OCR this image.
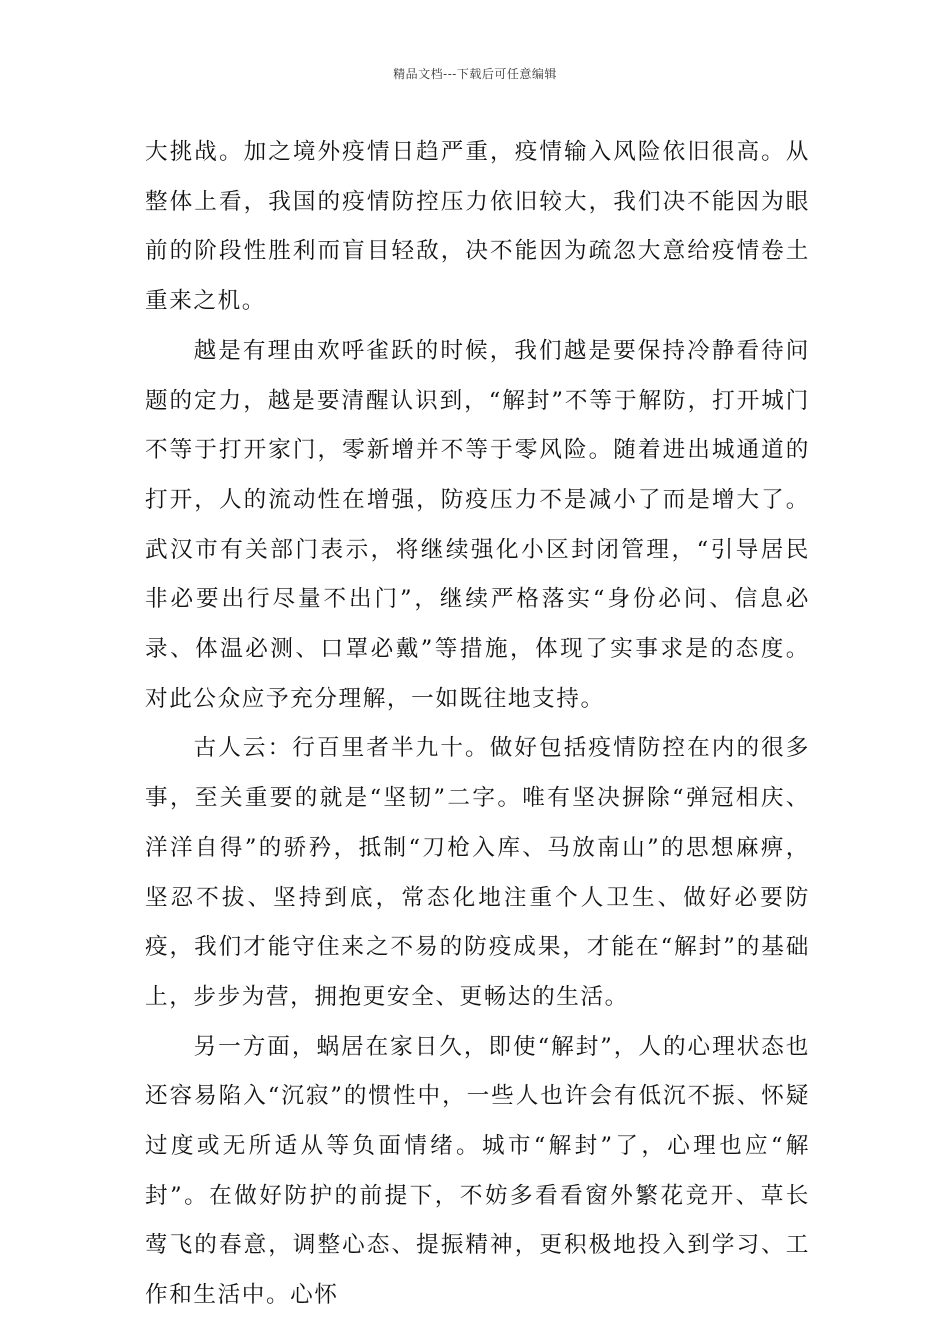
精品文档---下载后可任意编辑

大挑战。加之境外疫情日趋严重，疫情输入风险依旧很高。从整体上看，我国的疫情防控压力依旧较大，我们决不能因为眼前的阶段性胜利而盲目轻敌，决不能因为疏忽大意给疫情卷土重来之机。

越是有理由欢呼雀跃的时候，我们越是要保持冷静看待问题的定力，越是要清醒认识到，“解封”不等于解防，打开城门不等于打开家门，零新增并不等于零风险。随着进出城通道的打开，人的流动性在增强，防疫压力不是减小了而是增大了。武汉市有关部门表示，将继续强化小区封闭管理，“引导居民非必要出行尽量不出门”，继续严格落实“身份必问、信息必录、体温必测、口罩必戴”等措施，体现了实事求是的态度。对此公众应予充分理解，一如既往地支持。

古人云：行百里者半九十。做好包括疫情防控在内的很多事，至关重要的就是“坚韧”二字。唯有坚决摒除“弹冠相庆、洋洋自得”的骄矜，抵制“刀枪入库、马放南山”的思想麻痹，坚忍不拔、坚持到底，常态化地注重个人卫生、做好必要防疫，我们才能守住来之不易的防疫成果，才能在“解封”的基础上，步步为营，拥抱更安全、更畅达的生活。

另一方面，蜗居在家日久，即使“解封”，人的心理状态也还容易陷入“沉寂”的惯性中，一些人也许会有低沉不振、怀疑过度或无所适从等负面情绪。城市“解封”了，心理也应“解封”。在做好防护的前提下，不妨多看看窗外繁花竞开、草长莺飞的春意，调整心态、提振精神，更积极地投入到学习、工作和生活中。心怀
